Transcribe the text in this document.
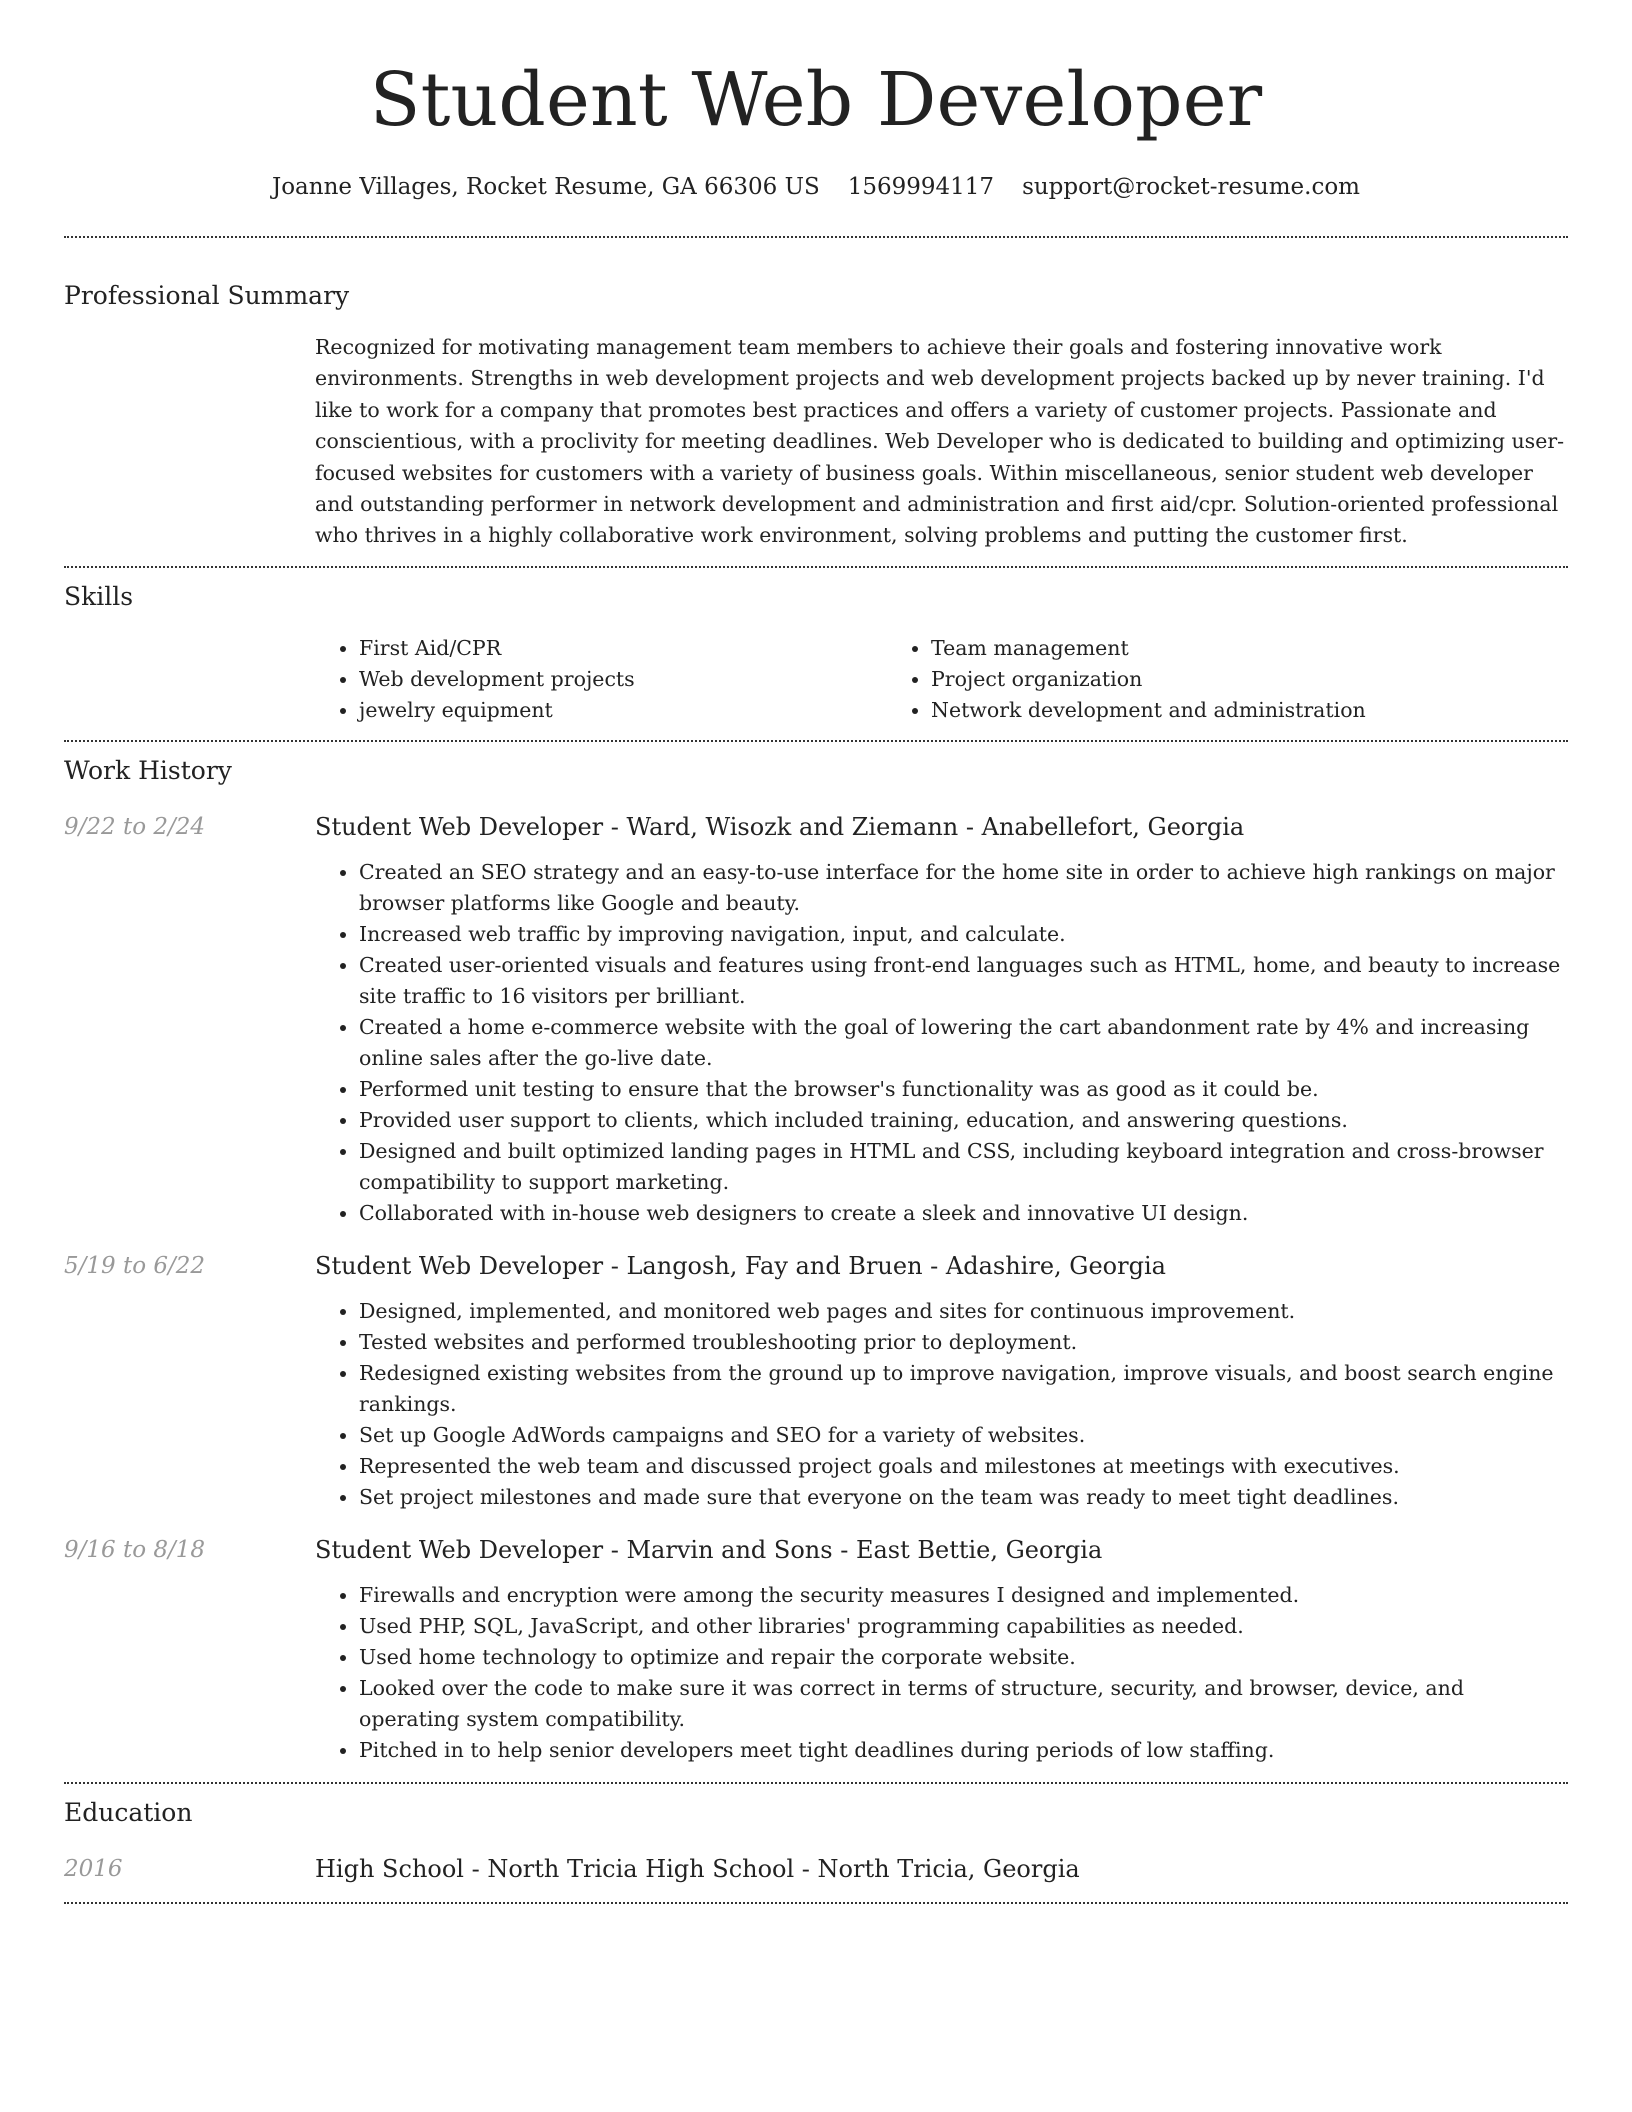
Student Web Developer
Joanne Villages, Rocket Resume, GA 66306 US 1569994117 support@rocket-resume.com
Professional Summary
Recognized for motivating management team members to achieve their goals and fostering innovative work environments. Strengths in web development projects and web development projects backed up by never training. I'd like to work for a company that promotes best practices and offers a variety of customer projects. Passionate and conscientious, with a proclivity for meeting deadlines. Web Developer who is dedicated to building and optimizing user-focused websites for customers with a variety of business goals. Within miscellaneous, senior student web developer and outstanding performer in network development and administration and first aid/cpr. Solution-oriented professional who thrives in a highly collaborative work environment, solving problems and putting the customer first.
Skills
• First Aid/CPR
• Web development projects
• jewelry equipment
• Team management
• Project organization
• Network development and administration
Work History
9/22 to 2/24	Student Web Developer - Ward, Wisozk and Ziemann - Anabellefort, Georgia
• Created an SEO strategy and an easy-to-use interface for the home site in order to achieve high rankings on major browser platforms like Google and beauty.
• Increased web traffic by improving navigation, input, and calculate.
• Created user-oriented visuals and features using front-end languages such as HTML, home, and beauty to increase site traffic to 16 visitors per brilliant.
• Created a home e-commerce website with the goal of lowering the cart abandonment rate by 4% and increasing online sales after the go-live date.
• Performed unit testing to ensure that the browser's functionality was as good as it could be.
• Provided user support to clients, which included training, education, and answering questions.
• Designed and built optimized landing pages in HTML and CSS, including keyboard integration and cross-browser compatibility to support marketing.
• Collaborated with in-house web designers to create a sleek and innovative UI design.
5/19 to 6/22	Student Web Developer - Langosh, Fay and Bruen - Adashire, Georgia
• Designed, implemented, and monitored web pages and sites for continuous improvement.
• Tested websites and performed troubleshooting prior to deployment.
• Redesigned existing websites from the ground up to improve navigation, improve visuals, and boost search engine rankings.
• Set up Google AdWords campaigns and SEO for a variety of websites.
• Represented the web team and discussed project goals and milestones at meetings with executives.
• Set project milestones and made sure that everyone on the team was ready to meet tight deadlines.
9/16 to 8/18	Student Web Developer - Marvin and Sons - East Bettie, Georgia
• Firewalls and encryption were among the security measures I designed and implemented.
• Used PHP, SQL, JavaScript, and other libraries' programming capabilities as needed.
• Used home technology to optimize and repair the corporate website.
• Looked over the code to make sure it was correct in terms of structure, security, and browser, device, and operating system compatibility.
• Pitched in to help senior developers meet tight deadlines during periods of low staffing.
Education
2016	High School - North Tricia High School - North Tricia, Georgia
